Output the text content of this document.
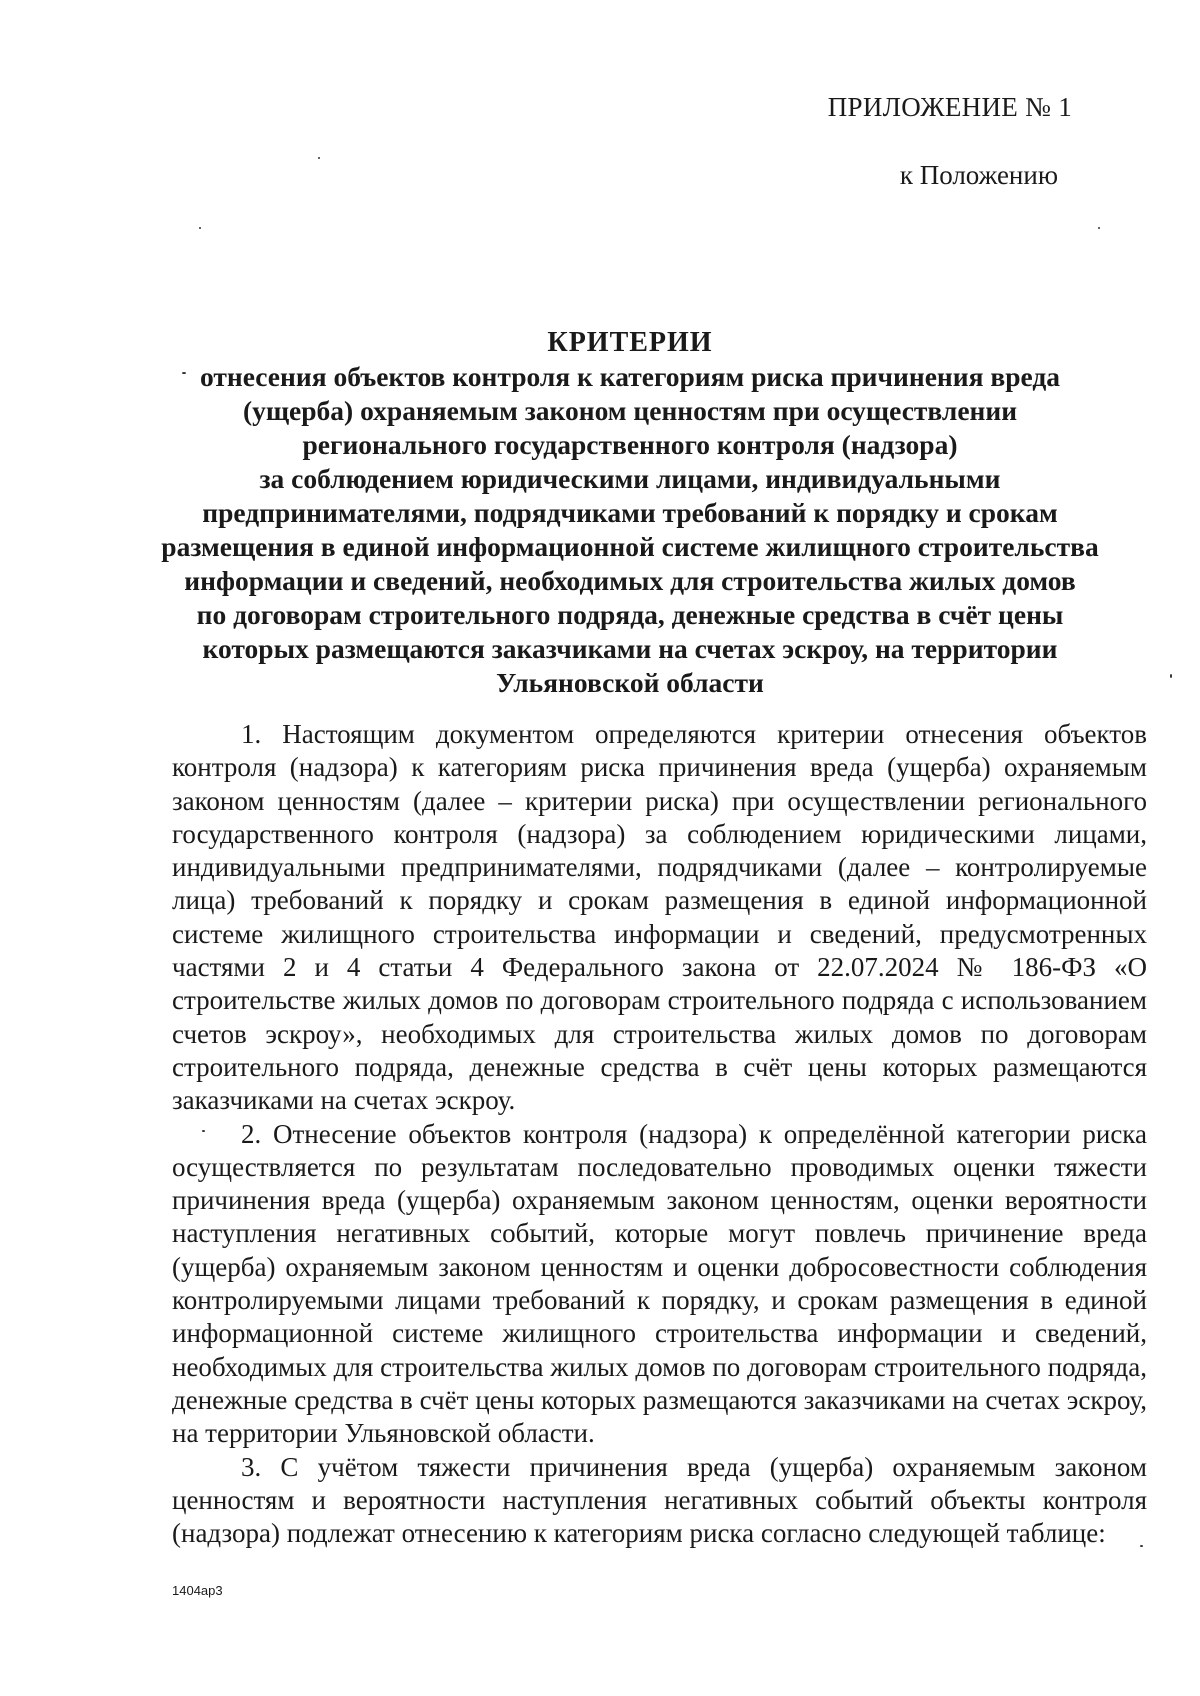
ПРИЛОЖЕНИЕ № 1
к Положению
КРИТЕРИИ
отнесения объектов контроля к категориям риска причинения вреда
(ущерба) охраняемым законом ценностям при осуществлении
регионального государственного контроля (надзора)
за соблюдением юридическими лицами, индивидуальными
предпринимателями, подрядчиками требований к порядку и срокам
размещения в единой информационной системе жилищного строительства
информации и сведений, необходимых для строительства жилых домов
по договорам строительного подряда, денежные средства в счёт цены
которых размещаются заказчиками на счетах эскроу, на территории
Ульяновской области

1. Настоящим документом определяются критерии отнесения объектов контроля (надзора) к категориям риска причинения вреда (ущерба) охраняемым законом ценностям (далее – критерии риска) при осуществлении регионального государственного контроля (надзора) за соблюдением юридическими лицами, индивидуальными предпринимателями, подрядчиками (далее – контролируемые лица) требований к порядку и срокам размещения в единой информационной системе жилищного строительства информации и сведений, предусмотренных частями 2 и 4 статьи 4 Федерального закона от 22.07.2024 № 186-ФЗ «О строительстве жилых домов по договорам строительного подряда с использованием счетов эскроу», необходимых для строительства жилых домов по договорам строительного подряда, денежные средства в счёт цены которых размещаются заказчиками на счетах эскроу.

2. Отнесение объектов контроля (надзора) к определённой категории риска осуществляется по результатам последовательно проводимых оценки тяжести причинения вреда (ущерба) охраняемым законом ценностям, оценки вероятности наступления негативных событий, которые могут повлечь причинение вреда (ущерба) охраняемым законом ценностям и оценки добросовестности соблюдения контролируемыми лицами требований к порядку, и срокам размещения в единой информационной системе жилищного строительства информации и сведений, необходимых для строительства жилых домов по договорам строительного подряда, денежные средства в счёт цены которых размещаются заказчиками на счетах эскроу, на территории Ульяновской области.

3. С учётом тяжести причинения вреда (ущерба) охраняемым законом ценностям и вероятности наступления негативных событий объекты контроля (надзора) подлежат отнесению к категориям риска согласно следующей таблице:

1404ap3
